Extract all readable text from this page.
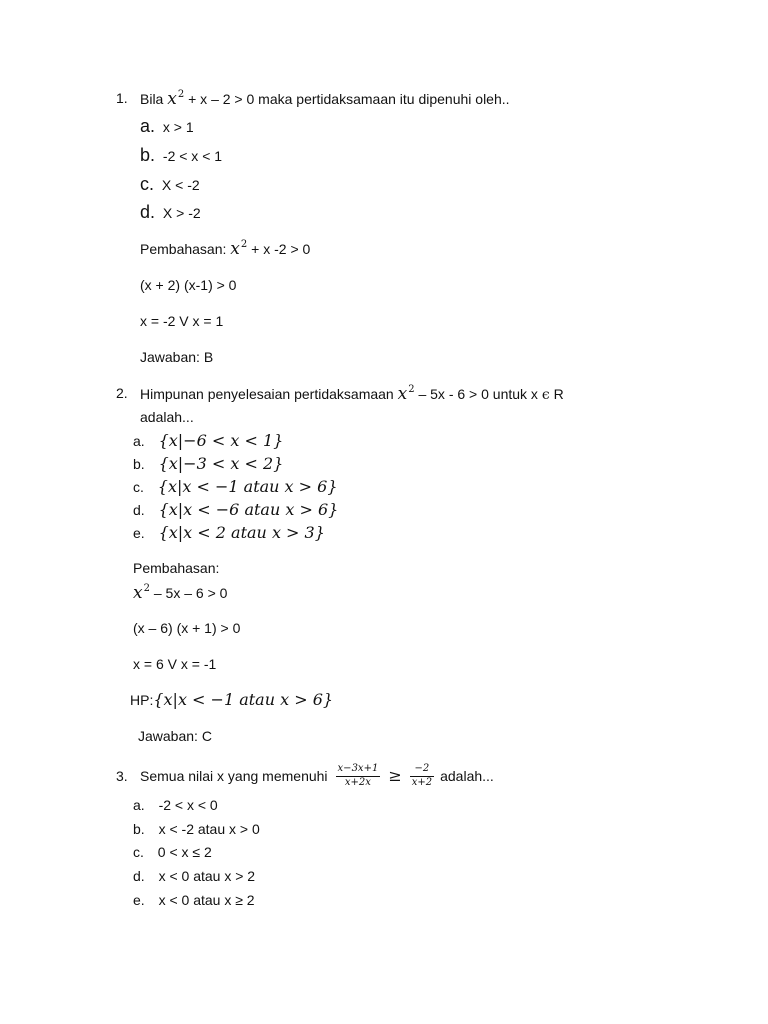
1. Bila $x^2 + x - 2 > 0$ maka pertidaksamaan itu dipenuhi oleh..
a. x > 1
b. -2 < x < 1
c. X < -2
d. X > -2
Pembahasan: $x^2 + x$ -2 > 0
(x + 2) (x-1) > 0
x = -2 V x = 1
Jawaban: B
2. Himpunan penyelesaian pertidaksamaan $x^2 - 5x - 6 > 0$ untuk x ϵ R
adalah...
a. {x|−6 < x < 1}
b. {x|−3 < x < 2}
c. {x|x < −1 atau x > 6}
d. {x|x < −6 atau x > 6}
e. {x|x < 2 atau x > 3}
Pembahasan:
$x^2 - 5x - 6 > 0$
(x – 6) (x + 1) > 0
x = 6 V x = -1
HP:{x|x < −1 atau x > 6}
Jawaban: C
3. Semua nilai x yang memenuhi $\frac{x-3x+1}{x+2x} \ge \frac{-2}{x+2}$ adalah...
a. -2 < x < 0
b. x < -2 atau x > 0
c. 0 < x ≤ 2
d. x < 0 atau x > 2
e. x < 0 atau x ≥ 2
